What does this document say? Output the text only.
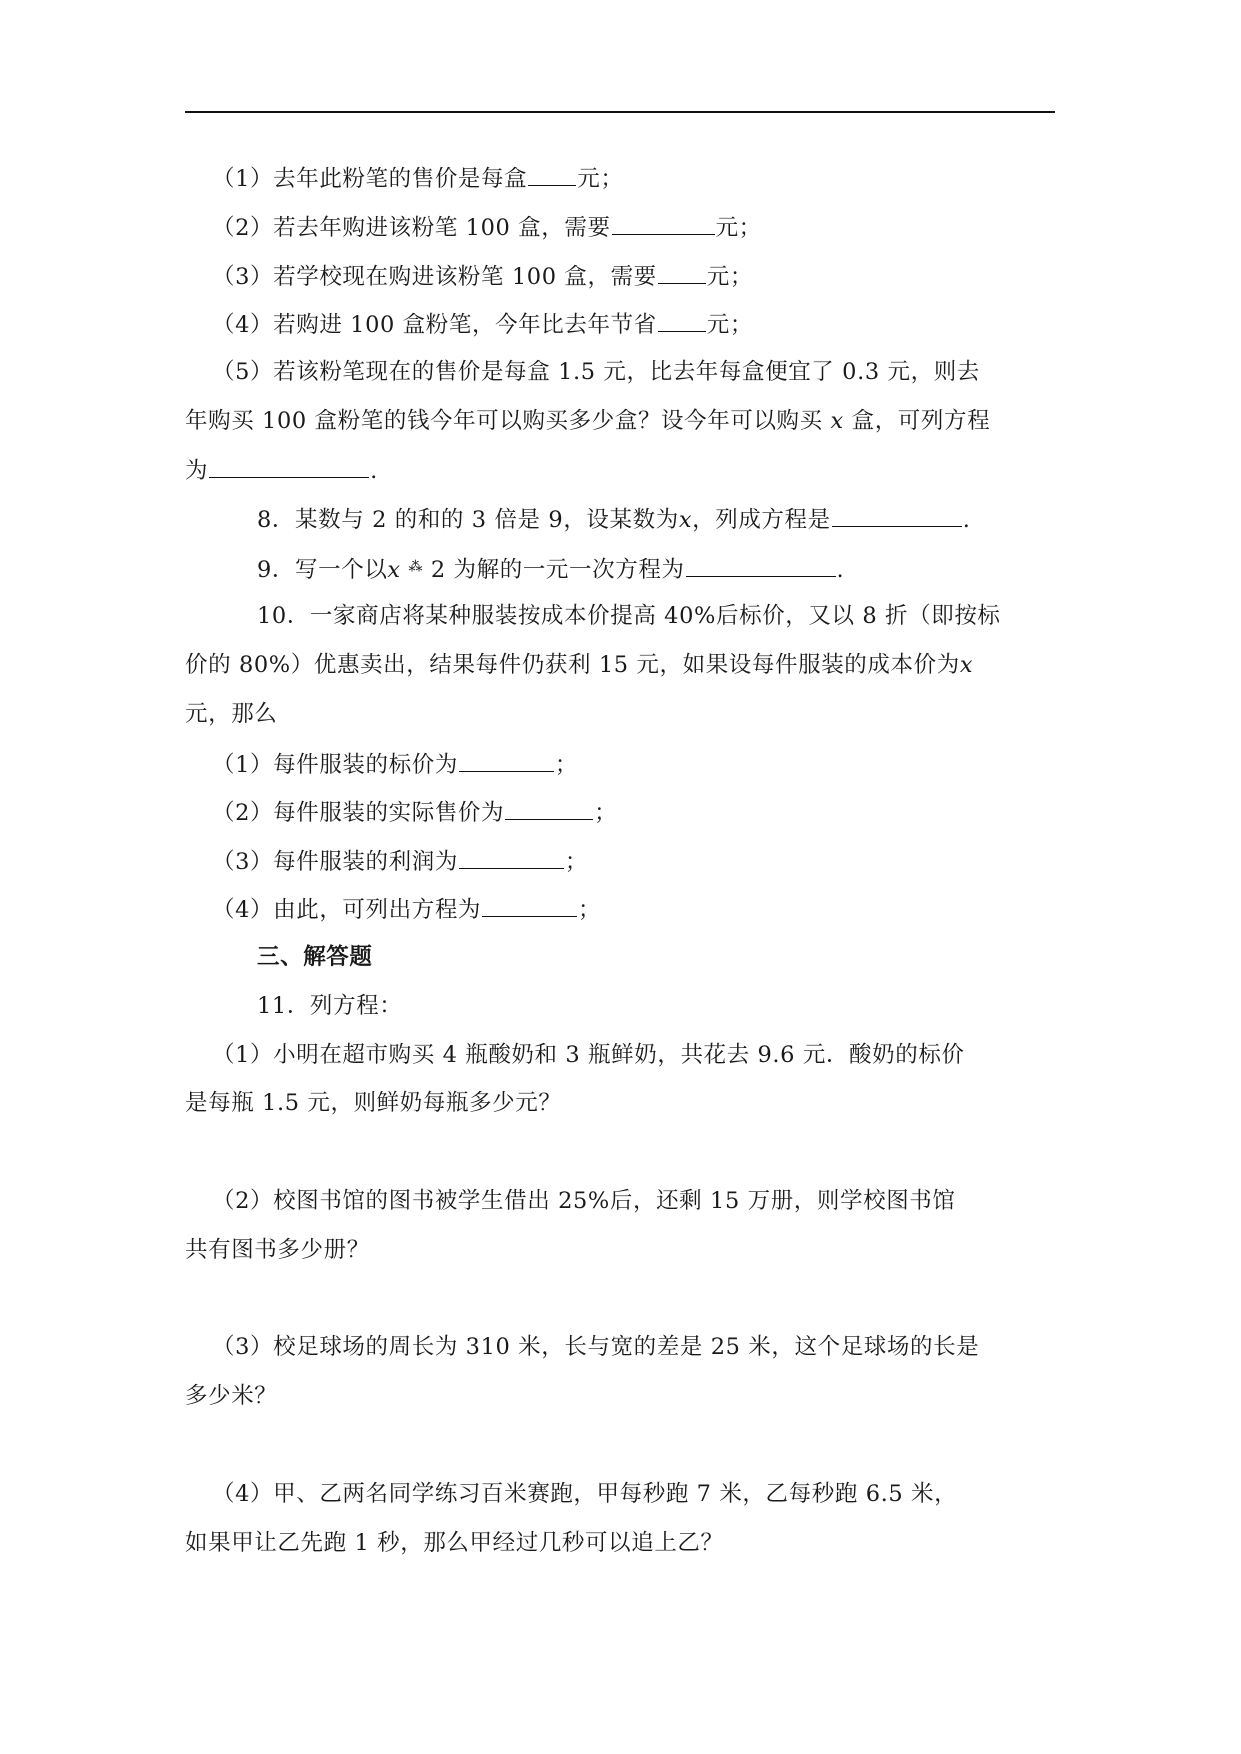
（1）去年此粉笔的售价是每盒 元；
（2）若去年购进该粉笔 100 盒，需要	元；
（3）若学校现在购进该粉笔 100 盒，需要 元；
（4）若购进 100 盒粉笔，今年比去年节省 元；
（5）若该粉笔现在的售价是每盒 1.5 元，比去年每盒便宜了 0.3 元，则去
年购买 100 盒粉笔的钱今年可以购买多少盒？设今年可以购买 x 盒，可列方程
为	.
8．某数与 2 的和的 3 倍是 9，设某数为x，列成方程是	.
9．写一个以x ⁂ 2 为解的一元一次方程为	.
10．一家商店将某种服装按成本价提高 40%后标价，又以 8 折（即按标
价的 80%）优惠卖出，结果每件仍获利 15 元，如果设每件服装的成本价为x
元，那么
（1）每件服装的标价为	；
（2）每件服装的实际售价为	；
（3）每件服装的利润为	；
（4）由此，可列出方程为	；
三、解答题
11．列方程：
（1）小明在超市购买 4 瓶酸奶和 3 瓶鲜奶，共花去 9.6 元．酸奶的标价
是每瓶 1.5 元，则鲜奶每瓶多少元？
（2）校图书馆的图书被学生借出 25%后，还剩 15 万册，则学校图书馆
共有图书多少册？
（3）校足球场的周长为 310 米，长与宽的差是 25 米，这个足球场的长是
多少米？
（4）甲、乙两名同学练习百米赛跑，甲每秒跑 7 米，乙每秒跑 6.5 米，
如果甲让乙先跑 1 秒，那么甲经过几秒可以追上乙？
